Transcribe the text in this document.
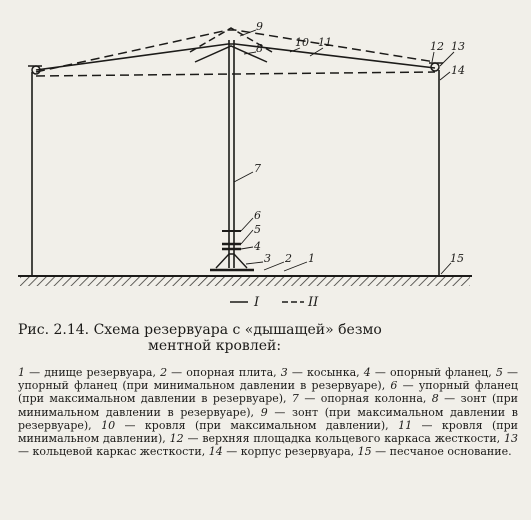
1
2
3
4
5
6
7
8
9
10 11	12 13
14
15
I	II
Рис. 2.14. Схема резервуара с «дышащей» безмо
ментной кровлей:
1 — днище резервуара, 2 — опорная плита, 3 — косынка, 4 — опорный фланец, 5 — упорный фланец (при минимальном давлении в резервуаре), 6 — упорный фланец (при максимальном давлении в резервуаре), 7 — опорная колонна, 8 — зонт (при минимальном давлении в резервуаре), 9 — зонт (при максимальном давлении в резервуаре), 10 — кровля (при максимальном давлении), 11 — кровля (при минимальном давлении), 12 — верхняя площадка кольцевого каркаса жесткости, 13 — кольцевой каркас жесткости, 14 — корпус резервуара, 15 — песчаное основание.
